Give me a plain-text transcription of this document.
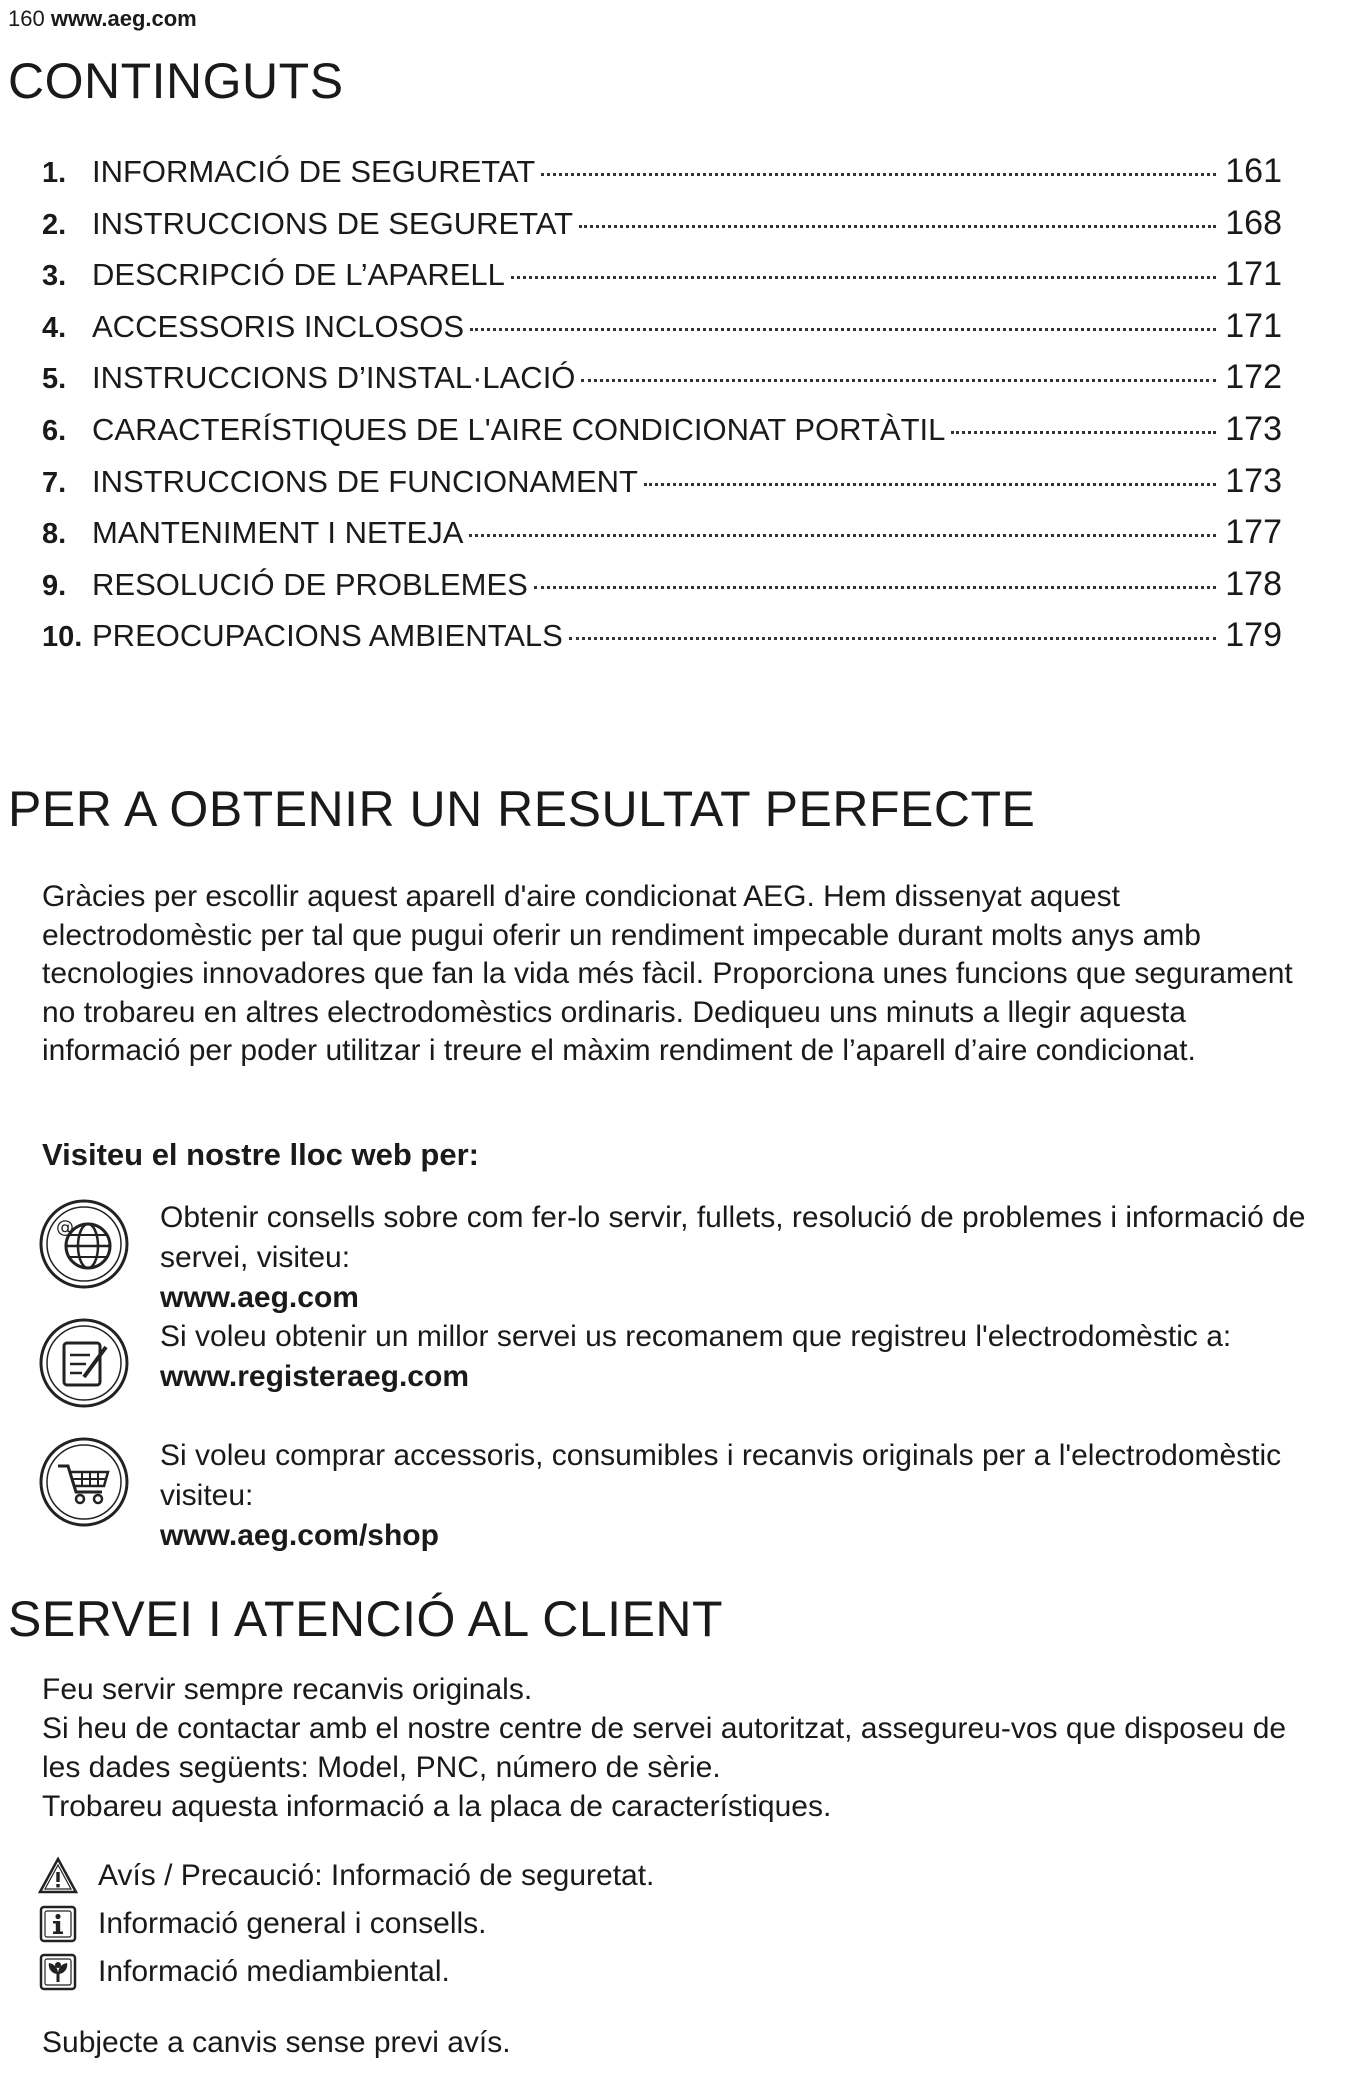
160 www.aeg.com
CONTINGUTS
1. INFORMACIÓ DE SEGURETAT	161
2. INSTRUCCIONS DE SEGURETAT	168
3. DESCRIPCIÓ DE L’APARELL	171
4. ACCESSORIS INCLOSOS	171
5. INSTRUCCIONS D’INSTAL·LACIÓ	172
6. CARACTERÍSTIQUES DE L'AIRE CONDICIONAT PORTÀTIL	173
7. INSTRUCCIONS DE FUNCIONAMENT	173
8. MANTENIMENT I NETEJA	177
9. RESOLUCIÓ DE PROBLEMES	178
10. PREOCUPACIONS AMBIENTALS	179
PER A OBTENIR UN RESULTAT PERFECTE
Gràcies per escollir aquest aparell d'aire condicionat AEG. Hem dissenyat aquest electrodomèstic per tal que pugui oferir un rendiment impecable durant molts anys amb tecnologies innovadores que fan la vida més fàcil. Proporciona unes funcions que segurament no trobareu en altres electrodomèstics ordinaris. Dediqueu uns minuts a llegir aquesta informació per poder utilitzar i treure el màxim rendiment de l’aparell d’aire condicionat.
Visiteu el nostre lloc web per:
@	Obtenir consells sobre com fer-lo servir, fullets, resolució de problemes i informació de servei, visiteu:
www.aeg.com
Si voleu obtenir un millor servei us recomanem que registreu l'electrodomèstic a:
www.registeraeg.com
Si voleu comprar accessoris, consumibles i recanvis originals per a l'electrodomèstic visiteu:
www.aeg.com/shop
SERVEI I ATENCIÓ AL CLIENT
Feu servir sempre recanvis originals.
Si heu de contactar amb el nostre centre de servei autoritzat, assegureu-vos que disposeu de les dades següents: Model, PNC, número de sèrie.
Trobareu aquesta informació a la placa de característiques.
Avís / Precaució: Informació de seguretat.
Informació general i consells.
Informació mediambiental.
Subjecte a canvis sense previ avís.
